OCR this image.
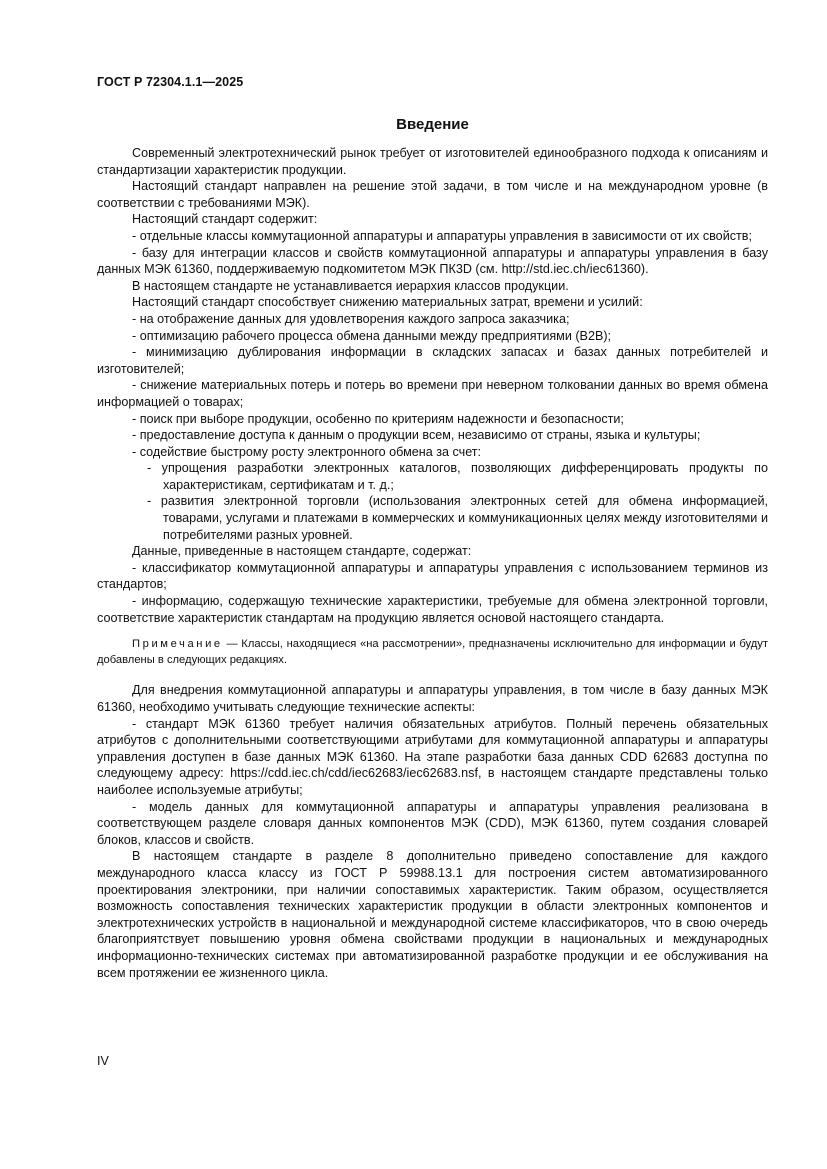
ГОСТ Р 72304.1.1—2025
Введение

Современный электротехнический рынок требует от изготовителей единообразного подхода к описаниям и стандартизации характеристик продукции.

Настоящий стандарт направлен на решение этой задачи, в том числе и на международном уровне (в соответствии с требованиями МЭК).

Настоящий стандарт содержит:

- отдельные классы коммутационной аппаратуры и аппаратуры управления в зависимости от их свойств;

- базу для интеграции классов и свойств коммутационной аппаратуры и аппаратуры управления в базу данных МЭК 61360, поддерживаемую подкомитетом МЭК ПК3D (см. http://std.iec.ch/iec61360).

В настоящем стандарте не устанавливается иерархия классов продукции.

Настоящий стандарт способствует снижению материальных затрат, времени и усилий:

- на отображение данных для удовлетворения каждого запроса заказчика;

- оптимизацию рабочего процесса обмена данными между предприятиями (B2B);

- минимизацию дублирования информации в складских запасах и базах данных потребителей и изготовителей;

- снижение материальных потерь и потерь во времени при неверном толковании данных во время обмена информацией о товарах;

- поиск при выборе продукции, особенно по критериям надежности и безопасности;

- предоставление доступа к данным о продукции всем, независимо от страны, языка и культуры;

- содействие быстрому росту электронного обмена за счет:

- упрощения разработки электронных каталогов, позволяющих дифференцировать продукты по характеристикам, сертификатам и т. д.;

- развития электронной торговли (использования электронных сетей для обмена информацией, товарами, услугами и платежами в коммерческих и коммуникационных целях между изготовителями и потребителями разных уровней.

Данные, приведенные в настоящем стандарте, содержат:

- классификатор коммутационной аппаратуры и аппаратуры управления с использованием терминов из стандартов;

- информацию, содержащую технические характеристики, требуемые для обмена электронной торговли, соответствие характеристик стандартам на продукцию является основой настоящего стандарта.

Примечание — Классы, находящиеся «на рассмотрении», предназначены исключительно для информации и будут добавлены в следующих редакциях.

Для внедрения коммутационной аппаратуры и аппаратуры управления, в том числе в базу данных МЭК 61360, необходимо учитывать следующие технические аспекты:

- стандарт МЭК 61360 требует наличия обязательных атрибутов. Полный перечень обязательных атрибутов с дополнительными соответствующими атрибутами для коммутационной аппаратуры и аппаратуры управления доступен в базе данных МЭК 61360. На этапе разработки база данных CDD 62683 доступна по следующему адресу: https://cdd.iec.ch/cdd/iec62683/iec62683.nsf, в настоящем стандарте представлены только наиболее используемые атрибуты;

- модель данных для коммутационной аппаратуры и аппаратуры управления реализована в соответствующем разделе словаря данных компонентов МЭК (CDD), МЭК 61360, путем создания словарей блоков, классов и свойств.

В настоящем стандарте в разделе 8 дополнительно приведено сопоставление для каждого международного класса классу из ГОСТ Р 59988.13.1 для построения систем автоматизированного проектирования электроники, при наличии сопоставимых характеристик. Таким образом, осуществляется возможность сопоставления технических характеристик продукции в области электронных компонентов и электротехнических устройств в национальной и международной системе классификаторов, что в свою очередь благоприятствует повышению уровня обмена свойствами продукции в национальных и международных информационно-технических системах при автоматизированной разработке продукции и ее обслуживания на всем протяжении ее жизненного цикла.

IV
